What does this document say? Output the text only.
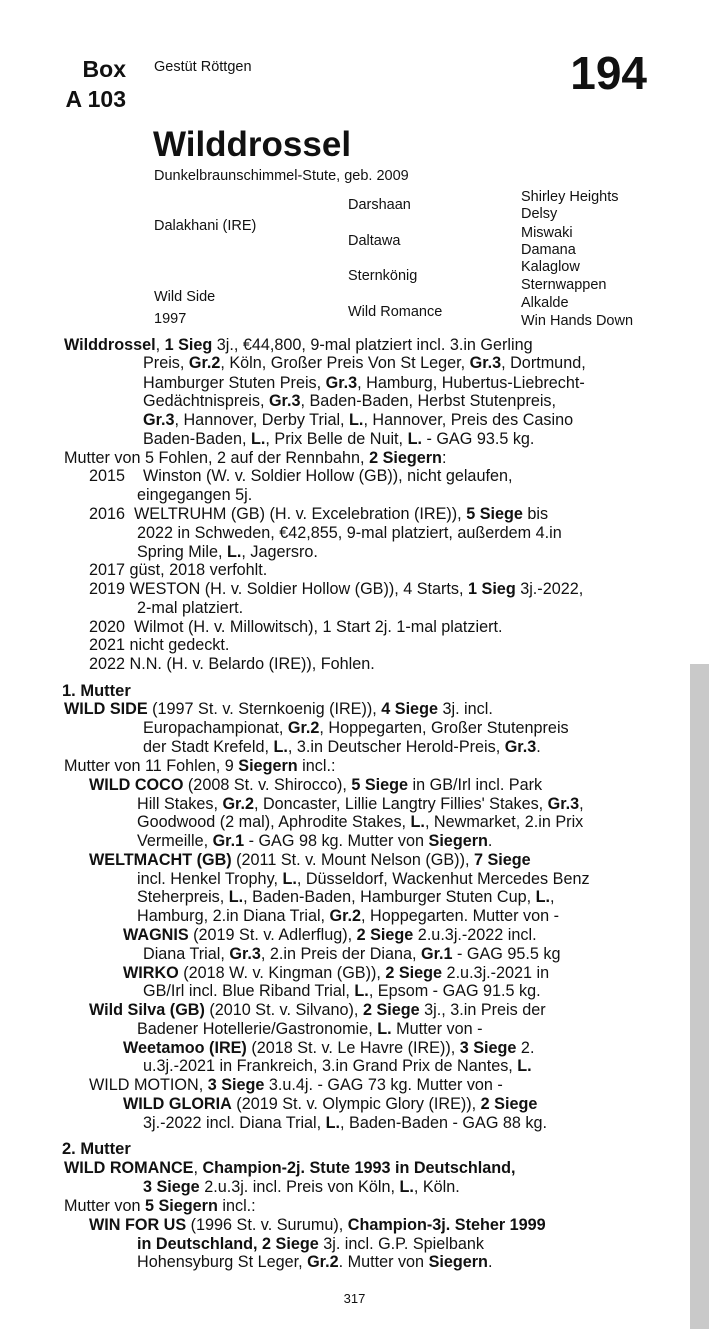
Box
A 103
Gestüt Röttgen	194
Wilddrossel
Dunkelbraunschimmel-Stute, geb. 2009
Dalakhani (IRE)
Wild Side
1997
Darshaan
Daltawa
Sternkönig
Wild Romance
Shirley Heights
Delsy
Miswaki
Damana
Kalaglow
Sternwappen
Alkalde
Win Hands Down
Wilddrossel, 1 Sieg 3j., €44,800, 9-mal platziert incl. 3.in Gerling
Preis, Gr.2, Köln, Großer Preis Von St Leger, Gr.3, Dortmund,
Hamburger Stuten Preis, Gr.3, Hamburg, Hubertus-Liebrecht-
Gedächtnispreis, Gr.3, Baden-Baden, Herbst Stutenpreis,
Gr.3, Hannover, Derby Trial, L., Hannover, Preis des Casino
Baden-Baden, L., Prix Belle de Nuit, L. - GAG 93.5 kg.
Mutter von 5 Fohlen, 2 auf der Rennbahn, 2 Siegern:
2015    Winston (W. v. Soldier Hollow (GB)), nicht gelaufen,
eingegangen 5j.
2016  WELTRUHM (GB) (H. v. Excelebration (IRE)), 5 Siege bis
2022 in Schweden, €42,855, 9-mal platziert, außerdem 4.in
Spring Mile, L., Jagersro.
2017 güst, 2018 verfohlt.
2019 WESTON (H. v. Soldier Hollow (GB)), 4 Starts, 1 Sieg 3j.-2022,
2-mal platziert.
2020  Wilmot (H. v. Millowitsch), 1 Start 2j. 1-mal platziert.
2021 nicht gedeckt.
2022 N.N. (H. v. Belardo (IRE)), Fohlen.
1. Mutter
WILD SIDE (1997 St. v. Sternkoenig (IRE)), 4 Siege 3j. incl.
Europachampionat, Gr.2, Hoppegarten, Großer Stutenpreis
der Stadt Krefeld, L., 3.in Deutscher Herold-Preis, Gr.3.
Mutter von 11 Fohlen, 9 Siegern incl.:
WILD COCO (2008 St. v. Shirocco), 5 Siege in GB/Irl incl. Park
Hill Stakes, Gr.2, Doncaster, Lillie Langtry Fillies' Stakes, Gr.3,
Goodwood (2 mal), Aphrodite Stakes, L., Newmarket, 2.in Prix
Vermeille, Gr.1 - GAG 98 kg. Mutter von Siegern.
WELTMACHT (GB) (2011 St. v. Mount Nelson (GB)), 7 Siege
incl. Henkel Trophy, L., Düsseldorf, Wackenhut Mercedes Benz
Steherpreis, L., Baden-Baden, Hamburger Stuten Cup, L.,
Hamburg, 2.in Diana Trial, Gr.2, Hoppegarten. Mutter von -
WAGNIS (2019 St. v. Adlerflug), 2 Siege 2.u.3j.-2022 incl.
Diana Trial, Gr.3, 2.in Preis der Diana, Gr.1 - GAG 95.5 kg
WIRKO (2018 W. v. Kingman (GB)), 2 Siege 2.u.3j.-2021 in
GB/Irl incl. Blue Riband Trial, L., Epsom - GAG 91.5 kg.
Wild Silva (GB) (2010 St. v. Silvano), 2 Siege 3j., 3.in Preis der
Badener Hotellerie/Gastronomie, L. Mutter von -
Weetamoo (IRE) (2018 St. v. Le Havre (IRE)), 3 Siege 2.
u.3j.-2021 in Frankreich, 3.in Grand Prix de Nantes, L.
WILD MOTION, 3 Siege 3.u.4j. - GAG 73 kg. Mutter von -
WILD GLORIA (2019 St. v. Olympic Glory (IRE)), 2 Siege
3j.-2022 incl. Diana Trial, L., Baden-Baden - GAG 88 kg.
2. Mutter
WILD ROMANCE, Champion-2j. Stute 1993 in Deutschland,
3 Siege 2.u.3j. incl. Preis von Köln, L., Köln.
Mutter von 5 Siegern incl.:
WIN FOR US (1996 St. v. Surumu), Champion-3j. Steher 1999
in Deutschland, 2 Siege 3j. incl. G.P. Spielbank
Hohensyburg St Leger, Gr.2. Mutter von Siegern.
317
